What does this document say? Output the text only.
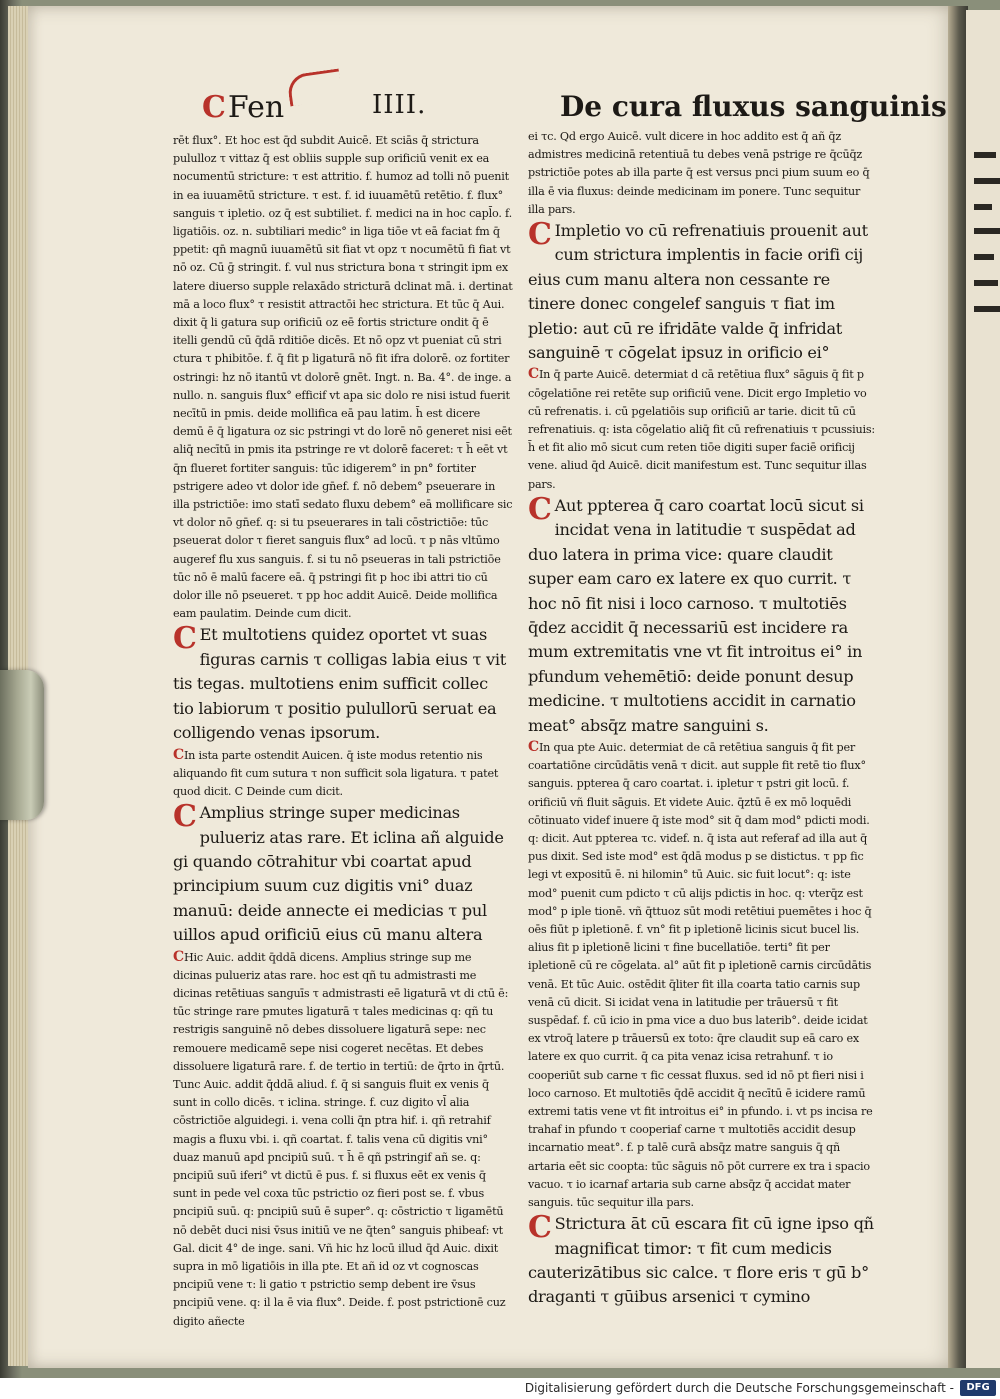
CFen	IIII.	De cura fluxus sanguinis

rēt flux°. Et hoc est q̄d subdit Auicē. Et sciās q̄ strictura pululloz τ vittaz q̄ est obliis supple sup orificiū venit ex ea nocumentū stricture: τ est attritio. f. humoz ad tolli nō puenit in ea iuuamētū stricture. τ est. f. id iuuamētū retētio. f. flux° sanguis τ ipletio. oz q̄ est subtiliet. f. medici na in hoc capl̄o. f. ligatiōis. oz. n. subtiliari medic° in liga tiōe vt eā faciat fm q̄ ppetit: qn̄ magnū iuuamētū sit fiat vt opz τ nocumētū fi fiat vt nō oz. Cū ḡ stringit. f. vul nus strictura bona τ stringit ipm ex latere diuerso supple relaxādo stricturā dclinat mā. i. dertinat mā a loco flux° τ resistit attractōi hec strictura. Et tūc q̄ Aui. dixit q̄ li gatura sup orificiū oz eē fortis stricture ondit q̄ ē itelli gendū cū q̄dā rditiōe dicēs. Et nō opz vt pueniat cū stri ctura τ phibitōe. f. q̄ fit p ligaturā nō fit ifra dolorē. oz fortiter ostringi: hz nō itantū vt dolorē gnēt. Ingt. n. Ba. 4°. de inge. a nullo. n. sanguis flux° efficif vt apa sic dolo re nisi istud fuerit necītū in pmis. deide mollifica eā pau latim. h̄ est dicere demū ē q̄ ligatura oz sic pstringi vt do lorē nō generet nisi eēt aliq̄ necītū in pmis ita pstringe re vt dolorē faceret: τ h̄ eēt vt q̄n flueret fortiter sanguis: tūc idigerem° in pn° fortiter pstrigere adeo vt dolor ide gn̄ef. f. nō debem° pseuerare in illa pstrictiōe: imo statī sedato fluxu debem° eā mollificare sic vt dolor nō gn̄ef. q: si tu pseuerares in tali cōstrictiōe: tūc pseuerat dolor τ fieret sanguis flux° ad locū. τ p nās vltūmo augeref flu xus sanguis. f. si tu nō pseueras in tali pstrictiōe tūc nō ē malū facere eā. q̄ pstringi fit p hoc ibi attri tio cū dolor ille nō pseueret. τ pp hoc addit Auicē. Deide mollifica eam paulatim. Deinde cum dicit.

C Et multotiens quidez oportet vt suas figuras carnis τ colligas labia eius τ vit tis tegas. multotiens enim sufficit collec tio labiorum τ positio pulullorū seruat ea colligendo venas ipsorum.

CIn ista parte ostendit Auicen. q̄ iste modus retentio nis aliquando fit cum sutura τ non sufficit sola ligatura. τ patet quod dicit. C Deinde cum dicit.

C Amplius stringe super medicinas pulueriz atas rare. Et iclina añ alguide gi quando cōtrahitur vbi coartat apud principium suum cuz digitis vni° duaz manuū: deide annecte ei medicias τ pul uillos apud orificiū eius cū manu altera

CHic Auic. addit q̄ddā dicens. Amplius stringe sup me dicinas pulueriz atas rare. hoc est qñ tu admistrasti me dicinas retētiuas sanguīs τ admistrasti eē ligaturā vt di ctū ē: tūc stringe rare pmutes ligaturā τ tales medicinas q: qñ tu restrigis sanguinē nō debes dissoluere ligaturā sepe: nec remouere medicamē sepe nisi cogeret necētas. Et debes dissoluere ligaturā rare. f. de tertio in tertiū: de q̄rto in q̄rtū. Tunc Auic. addit q̄ddā aliud. f. q̄ si sanguis fluit ex venis q̄ sunt in collo dicēs. τ iclina. stringe. f. cuz digito vl̄ alia cōstrictiōe alguidegi. i. vena colli q̄n ptra hif. i. qñ retrahif magis a fluxu vbi. i. qñ coartat. f. talis vena cū digitis vni° duaz manuū apd pncipiū suū. τ h̄ ē qñ pstringif añ se. q: pncipiū suū iferi° vt dictū ē pus. f. si fluxus eēt ex venis q̄ sunt in pede vel coxa tūc pstrictio oz fieri post se. f. vbus pncipiū suū. q: pncipiū suū ē super°. q: cōstrictio τ ligamētū nō debēt duci nisi v̄sus initiū ve ne q̄ten° sanguis phibeaf: vt Gal. dicit 4° de inge. sani. Vñ hic hz locū illud q̄d Auic. dixit supra in mō ligatiōis in illa pte. Et añ id oz vt cognoscas pncipiū vene τ: li gatio τ pstrictio semp debent ire v̄sus pncipiū vene. q: il la ē via flux°. Deide. f. post pstrictionē cuz digito añecte

ei τc. Qd ergo Auicē. vult dicere in hoc addito est q̄ añ q̄z admistres medicinā retentiuā tu debes venā pstrige re q̄cūq̄z pstrictiōe potes ab illa parte q̄ est versus pnci pium suum eo q̄ illa ē via fluxus: deinde medicinam im ponere. Tunc sequitur illa pars.

C Impletio vo cū refrenatiuis prouenit aut cum strictura implentis in facie orifi cij eius cum manu altera non cessante re tinere donec congelef sanguis τ fiat im pletio: aut cū re ifridāte valde q̄ infridat sanguinē τ cōgelat ipsuz in orificio ei°

CIn q̄ parte Auicē. determiat d cā retētiua flux° sāguis q̄ fit p cōgelatiōne rei retēte sup orificiū vene. Dicit ergo Impletio vo cū refrenatis. i. cū pgelatiōis sup orificiū ar tarie. dicit tū cū refrenatiuis. q: ista cōgelatio aliq̄ fit cū refrenatiuis τ pcussiuis: h̄ et fit alio mō sicut cum reten tiōe digiti super faciē orificij vene. aliud q̄d Auicē. dicit manifestum est. Tunc sequitur illas pars.

C Aut ppterea q̄ caro coartat locū sicut si incidat vena in latitudie τ suspēdat ad duo latera in prima vice: quare claudit super eam caro ex latere ex quo currit. τ hoc nō fit nisi i loco carnoso. τ multotiēs q̄dez accidit q̄ necessariū est incidere ra mum extremitatis vne vt fit introitus ei° in pfundum vehemētiō: deide ponunt desup medicine. τ multotiens accidit in carnatio meat° absq̄z matre sanguini s.

CIn qua pte Auic. determiat de cā retētiua sanguis q̄ fit per coartatiōne circūdātis venā τ dicit. aut supple fit retē tio flux° sanguis. ppterea q̄ caro coartat. i. ipletur τ pstri git locū. f. orificiū vñ fluit sāguis. Et videte Auic. q̄ztū ē ex mō loquēdi cōtinuato videf inuere q̄ iste mod° sit q̄ dam mod° pdicti modi. q: dicit. Aut ppterea τc. videf. n. q̄ ista aut referaf ad illa aut q̄ pus dixit. Sed iste mod° est q̄dā modus p se distictus. τ pp fic legi vt expositū ē. ni hilomin° tū Auic. sic fuit locut°: q: iste mod° puenit cum pdicto τ cū alijs pdictis in hoc. q: vterq̄z est mod° p iple tionē. vñ q̄ttuoz sūt modi retētiui puemētes i hoc q̄ oēs fiūt p ipletionē. f. vn° fit p ipletionē licinis sicut bucel lis. alius fit p ipletionē licini τ fine bucellatiōe. terti° fit per ipletionē cū re cōgelata. al° aūt fit p ipletionē carnis circūdātis venā. Et tūc Auic. ostēdit q̄liter fit illa coarta tatio carnis sup venā cū dicit. Si icidat vena in latitudie per trāuersū τ fit suspēdaf. f. cū icio in pma vice a duo bus laterib°. deide icidat ex vtroq̄ latere p trāuersū ex toto: q̄re claudit sup eā caro ex latere ex quo currit. q̄ ca pita venaz icisa retrahunf. τ io cooperiūt sub carne τ fic cessat fluxus. sed id nō pt fieri nisi i loco carnoso. Et multotiēs q̄dē accidit q̄ necītū ē icidere ramū extremi tatis vene vt fit introitus ei° in pfundo. i. vt ps incisa re trahaf in pfundo τ cooperiaf carne τ multotiēs accidit desup incarnatio meat°. f. p talē curā absq̄z matre sanguis q̄ qñ artaria eēt sic coopta: tūc sāguis nō pōt currere ex tra i spacio vacuo. τ io icarnaf artaria sub carne absq̄z q̄ accidat mater sanguis. tūc sequitur illa pars.

C Strictura āt cū escara fit cū igne ipso qñ magnificat timor: τ fit cum medicis cauterizātibus sic calce. τ flore eris τ gū̄ b° draganti τ gūibus arsenici τ cymino

Digitalisierung gefördert durch die Deutsche Forschungsgemeinschaft -	DFG
